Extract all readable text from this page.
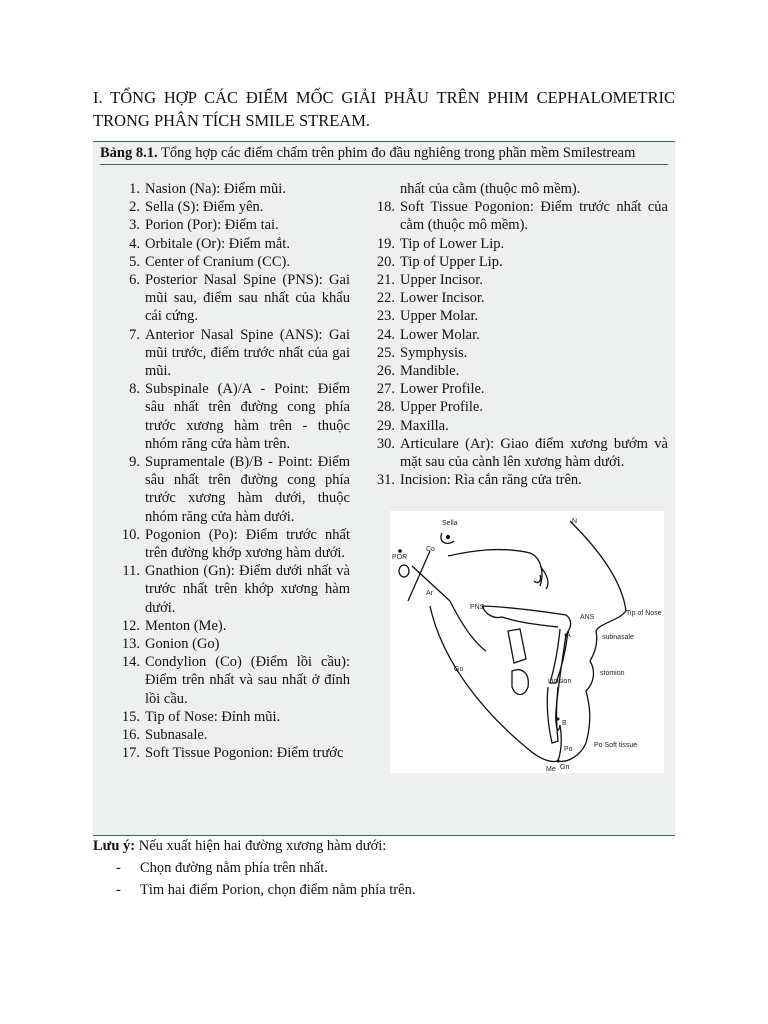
I. TỔNG HỢP CÁC ĐIỂM MỐC GIẢI PHẪU TRÊN PHIM CEPHALOMETRIC TRONG PHÂN TÍCH SMILE STREAM.
Bảng 8.1. Tổng hợp các điểm chấm trên phim đo đầu nghiêng trong phần mềm Smilestream
1. Nasion (Na): Điểm mũi.
2. Sella (S): Điểm yên.
3. Porion (Por): Điểm tai.
4. Orbitale (Or): Điểm mắt.
5. Center of Cranium (CC).
6. Posterior Nasal Spine (PNS): Gai mũi sau, điểm sau nhất của khẩu cái cứng.
7. Anterior Nasal Spine (ANS): Gai mũi trước, điểm trước nhất của gai mũi.
8. Subspinale (A)/A - Point: Điểm sâu nhất trên đường cong phía trước xương hàm trên - thuộc nhóm răng cửa hàm trên.
9. Supramentale (B)/B - Point: Điểm sâu nhất trên đường cong phía trước xương hàm dưới, thuộc nhóm răng cửa hàm dưới.
10. Pogonion (Po): Điểm trước nhất trên đường khớp xương hàm dưới.
11. Gnathion (Gn): Điểm dưới nhất và trước nhất trên khớp xương hàm dưới.
12. Menton (Me).
13. Gonion (Go)
14. Condylion (Co) (Điểm lồi cầu): Điểm trên nhất và sau nhất ở đỉnh lồi cầu.
15. Tip of Nose: Đỉnh mũi.
16. Subnasale.
17. Soft Tissue Pogonion: Điểm trước
nhất của cằm (thuộc mô mềm).
18. Soft Tissue Pogonion: Điểm trước nhất của cằm (thuộc mô mềm).
19. Tip of Lower Lip.
20. Tip of Upper Lip.
21. Upper Incisor.
22. Lower Incisor.
23. Upper Molar.
24. Lower Molar.
25. Symphysis.
26. Mandible.
27. Lower Profile.
28. Upper Profile.
29. Maxilla.
30. Articulare (Ar): Giao điểm xương bướm và mặt sau của cành lên xương hàm dưới.
31. Incision: Rìa cắn răng cửa trên.
Sella	N
POR
Co
Ar
PNS
ANS
A
Tip of Nose
subnasale
Go
incision
stomion
B
Po
Po Soft tissue
Me Gn
Lưu ý: Nếu xuất hiện hai đường xương hàm dưới:
-	Chọn đường nằm phía trên nhất.
-	Tìm hai điểm Porion, chọn điểm nằm phía trên.
